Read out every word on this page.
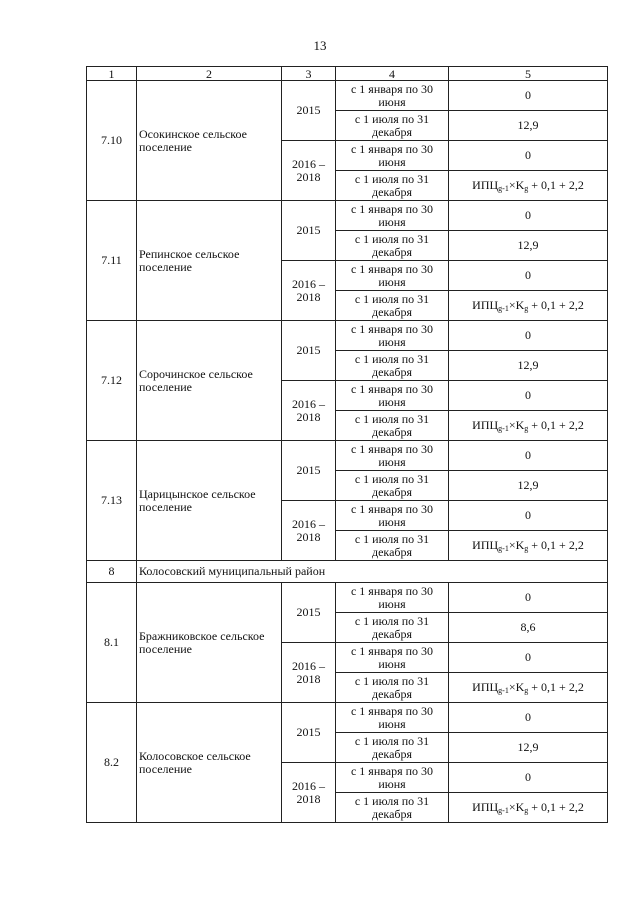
13
1	2	3	4	5
7.10	Осокинское сельское поселение	2015	с 1 января по 30 июня	0
			с 1 июля по 31 декабря	12,9
		2016 – 2018	с 1 января по 30 июня	0
			с 1 июля по 31 декабря	$ИПЦ_{g-1}\times K_g + 0,1 + 2,2$
7.11	Репинское сельское поселение	2015	с 1 января по 30 июня	0
			с 1 июля по 31 декабря	12,9
		2016 – 2018	с 1 января по 30 июня	0
			с 1 июля по 31 декабря	$ИПЦ_{g-1}\times K_g + 0,1 + 2,2$
7.12	Сорочинское сельское поселение	2015	с 1 января по 30 июня	0
			с 1 июля по 31 декабря	12,9
		2016 – 2018	с 1 января по 30 июня	0
			с 1 июля по 31 декабря	$ИПЦ_{g-1}\times K_g + 0,1 + 2,2$
7.13	Царицынское сельское поселение	2015	с 1 января по 30 июня	0
			с 1 июля по 31 декабря	12,9
		2016 – 2018	с 1 января по 30 июня	0
			с 1 июля по 31 декабря	$ИПЦ_{g-1}\times K_g + 0,1 + 2,2$
8	Колосовский муниципальный район			
8.1	Бражниковское сельское поселение	2015	с 1 января по 30 июня	0
			с 1 июля по 31 декабря	8,6
		2016 – 2018	с 1 января по 30 июня	0
			с 1 июля по 31 декабря	$ИПЦ_{g-1}\times K_g + 0,1 + 2,2$
8.2	Колосовское сельское поселение	2015	с 1 января по 30 июня	0
			с 1 июля по 31 декабря	12,9
		2016 – 2018	с 1 января по 30 июня	0
			с 1 июля по 31 декабря	$ИПЦ_{g-1}\times K_g + 0,1 + 2,2$
